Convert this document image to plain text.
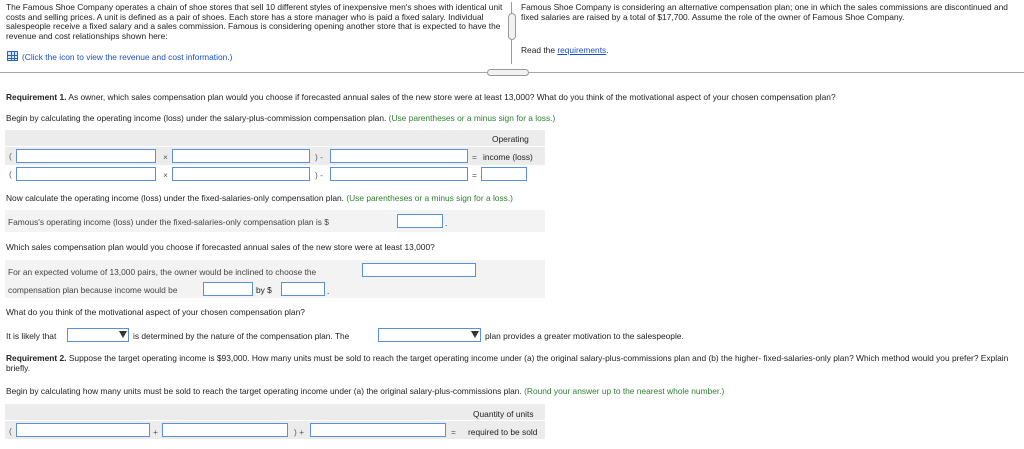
The Famous Shoe Company operates a chain of shoe stores that sell 10 different styles of inexpensive men's shoes with identical unit costs and selling prices. A unit is defined as a pair of shoes. Each store has a store manager who is paid a fixed salary. Individual salespeople receive a fixed salary and a sales commission. Famous is considering opening another store that is expected to have the revenue and cost relationships shown here:
(Click the icon to view the revenue and cost information.)
Famous Shoe Company is considering an alternative compensation plan; one in which the sales commissions are discontinued and fixed salaries are raised by a total of $17,700. Assume the role of the owner of Famous Shoe Company.
Read the requirements.
Requirement 1. As owner, which sales compensation plan would you choose if forecasted annual sales of the new store were at least 13,000? What do you think of the motivational aspect of your chosen compensation plan?
Begin by calculating the operating income (loss) under the salary-plus-commission compensation plan. (Use parentheses or a minus sign for a loss.)
Operating
income (loss)
(	×	) -	=
(	×	) -	=
Now calculate the operating income (loss) under the fixed-salaries-only compensation plan. (Use parentheses or a minus sign for a loss.)
Famous's operating income (loss) under the fixed-salaries-only compensation plan is $	.
Which sales compensation plan would you choose if forecasted annual sales of the new store were at least 13,000?
For an expected volume of 13,000 pairs, the owner would be inclined to choose the
compensation plan because income would be	by $	.
What do you think of the motivational aspect of your chosen compensation plan?
It is likely that	is determined by the nature of the compensation plan. The	plan provides a greater motivation to the salespeople.
Requirement 2. Suppose the target operating income is $93,000. How many units must be sold to reach the target operating income under (a) the original salary-plus-commissions plan and (b) the higher- fixed-salaries-only plan? Which method would you prefer? Explain briefly.
Begin by calculating how many units must be sold to reach the target operating income under (a) the original salary-plus-commissions plan. (Round your answer up to the nearest whole number.)
Quantity of units
required to be sold
(	+	) +	=
